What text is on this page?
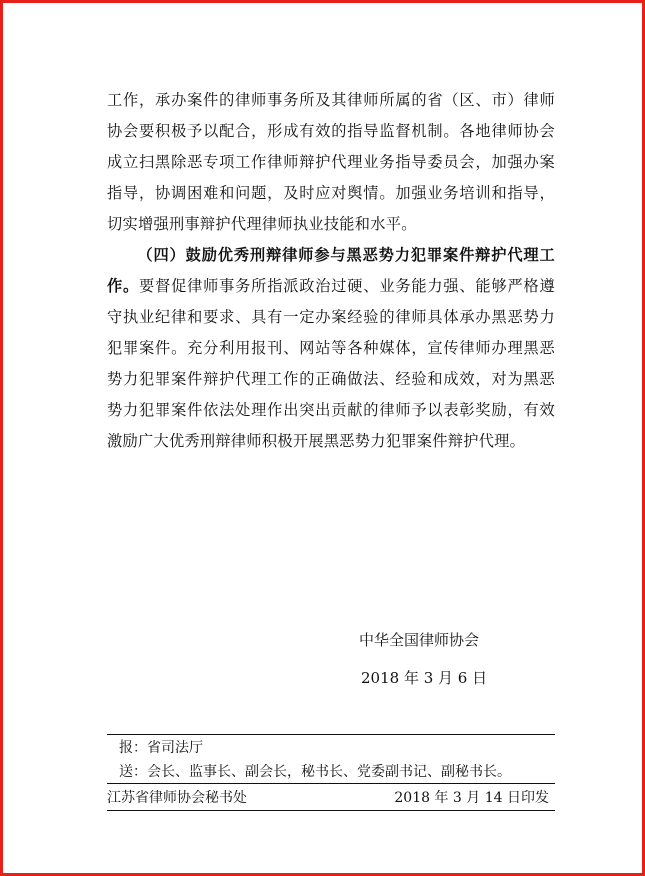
工作，承办案件的律师事务所及其律师所属的省（区、市）律师协会要积极予以配合，形成有效的指导监督机制。各地律师协会成立扫黑除恶专项工作律师辩护代理业务指导委员会，加强办案指导，协调困难和问题，及时应对舆情。加强业务培训和指导，切实增强刑事辩护代理律师执业技能和水平。

（四）鼓励优秀刑辩律师参与黑恶势力犯罪案件辩护代理工作。要督促律师事务所指派政治过硬、业务能力强、能够严格遵守执业纪律和要求、具有一定办案经验的律师具体承办黑恶势力犯罪案件。充分利用报刊、网站等各种媒体，宣传律师办理黑恶势力犯罪案件辩护代理工作的正确做法、经验和成效，对为黑恶势力犯罪案件依法处理作出突出贡献的律师予以表彰奖励，有效激励广大优秀刑辩律师积极开展黑恶势力犯罪案件辩护代理。

中华全国律师协会
2018 年 3 月 6 日
报：省司法厅
送：会长、监事长、副会长，秘书长、党委副书记、副秘书长。
江苏省律师协会秘书处	2018 年 3 月 14 日印发
